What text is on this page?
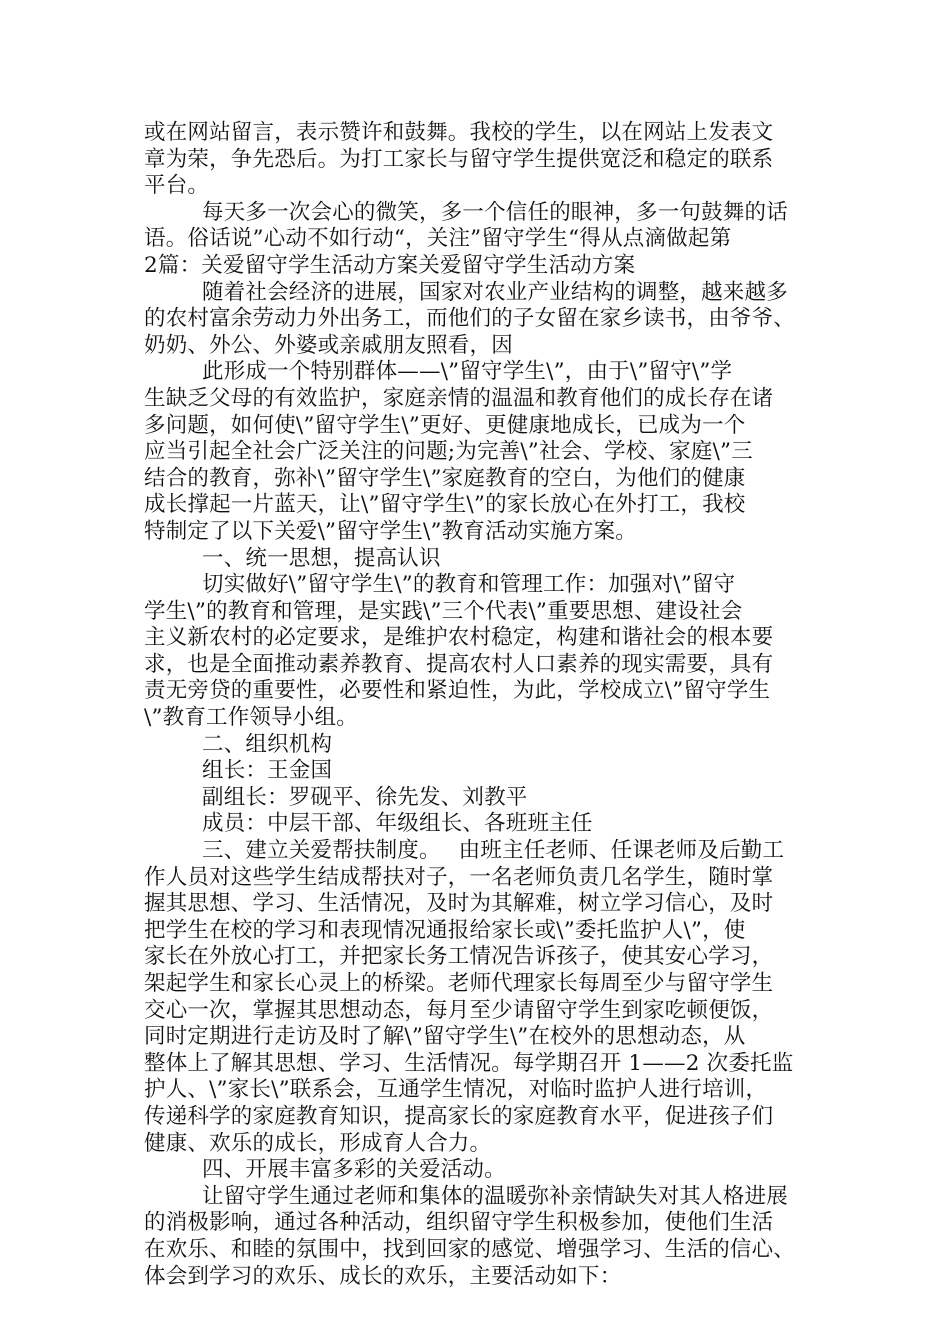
或在网站留言，表示赞许和鼓舞。我校的学生，以在网站上发表文
章为荣，争先恐后。为打工家长与留守学生提供宽泛和稳定的联系
平台。
每天多一次会心的微笑，多一个信任的眼神，多一句鼓舞的话
语。俗话说”心动不如行动“，关注”留守学生“得从点滴做起第
2篇：关爱留守学生活动方案关爱留守学生活动方案
随着社会经济的进展，国家对农业产业结构的调整，越来越多
的农村富余劳动力外出务工，而他们的子女留在家乡读书，由爷爷、
奶奶、外公、外婆或亲戚朋友照看，因
此形成一个特别群体——\”留守学生\”，由于\”留守\”学
生缺乏父母的有效监护，家庭亲情的温温和教育他们的成长存在诸
多问题，如何使\”留守学生\”更好、更健康地成长，已成为一个
应当引起全社会广泛关注的问题;为完善\”社会、学校、家庭\”三
结合的教育，弥补\”留守学生\”家庭教育的空白，为他们的健康
成长撑起一片蓝天，让\”留守学生\”的家长放心在外打工，我校
特制定了以下关爱\”留守学生\”教育活动实施方案。
一、统一思想，提高认识
切实做好\”留守学生\”的教育和管理工作：加强对\”留守
学生\”的教育和管理，是实践\”三个代表\”重要思想、建设社会
主义新农村的必定要求，是维护农村稳定，构建和谐社会的根本要
求，也是全面推动素养教育、提高农村人口素养的现实需要，具有
责无旁贷的重要性，必要性和紧迫性，为此，学校成立\”留守学生
\”教育工作领导小组。
二、组织机构
组长：王金国
副组长：罗砚平、徐先发、刘教平
成员：中层干部、年级组长、各班班主任
三、建立关爱帮扶制度。　 由班主任老师、任课老师及后勤工
作人员对这些学生结成帮扶对子，一名老师负责几名学生，随时掌
握其思想、学习、生活情况，及时为其解难，树立学习信心，及时
把学生在校的学习和表现情况通报给家长或\”委托监护人\”，使
家长在外放心打工，并把家长务工情况告诉孩子，使其安心学习，
架起学生和家长心灵上的桥梁。老师代理家长每周至少与留守学生
交心一次，掌握其思想动态，每月至少请留守学生到家吃顿便饭，
同时定期进行走访及时了解\”留守学生\”在校外的思想动态，从
整体上了解其思想、学习、生活情况。每学期召开 1——2 次委托监
护人、\”家长\”联系会，互通学生情况，对临时监护人进行培训，
传递科学的家庭教育知识，提高家长的家庭教育水平，促进孩子们
健康、欢乐的成长，形成育人合力。
四、开展丰富多彩的关爱活动。
让留守学生通过老师和集体的温暖弥补亲情缺失对其人格进展
的消极影响，通过各种活动，组织留守学生积极参加，使他们生活
在欢乐、和睦的氛围中，找到回家的感觉、增强学习、生活的信心、
体会到学习的欢乐、成长的欢乐，主要活动如下：
